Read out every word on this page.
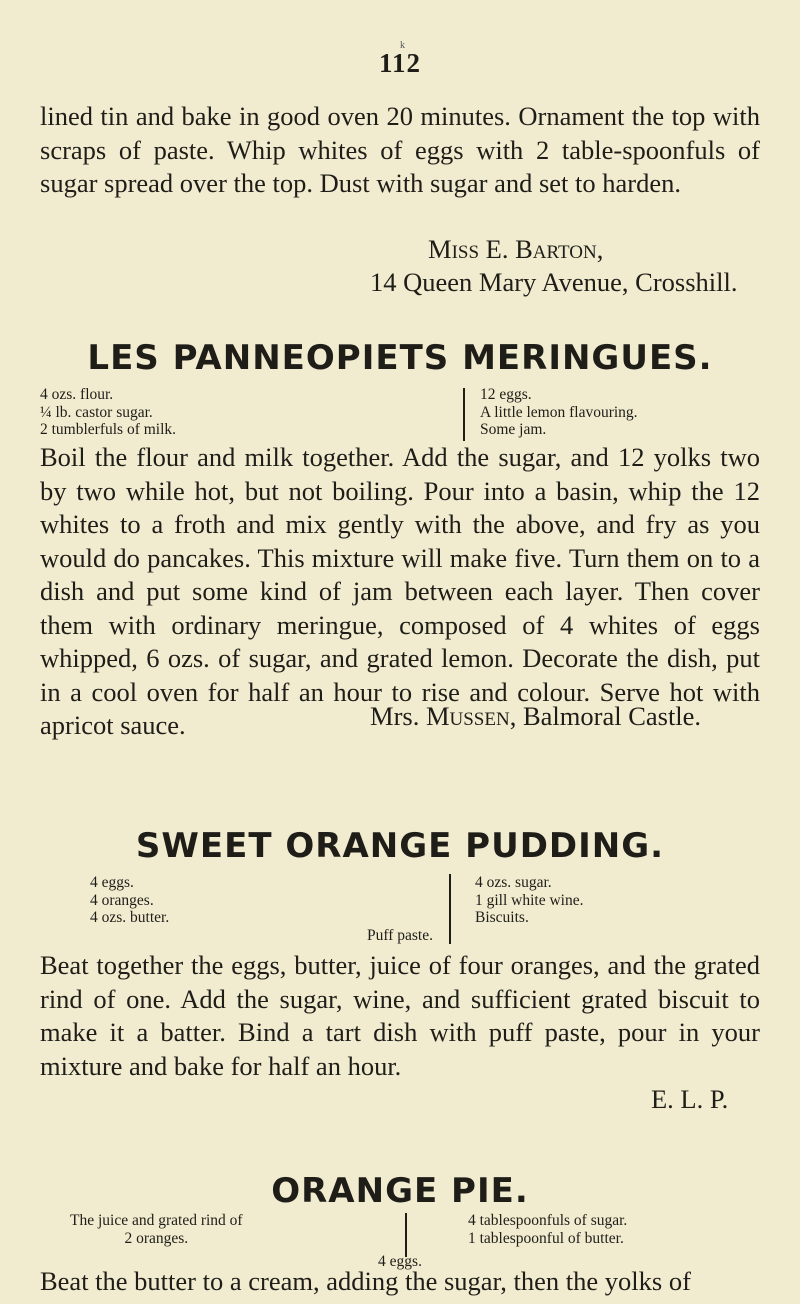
k
112
lined tin and bake in good oven 20 minutes. Ornament the top with scraps of paste. Whip whites of eggs with 2 table-spoonfuls of sugar spread over the top. Dust with sugar and set to harden.
Miss E. Barton,
14 Queen Mary Avenue, Crosshill.
LES PANNEOPIETS MERINGUES.
4 ozs. flour.
¼ lb. castor sugar.
2 tumblerfuls of milk.
12 eggs.
A little lemon flavouring.
Some jam.
Boil the flour and milk together. Add the sugar, and 12 yolks two by two while hot, but not boiling. Pour into a basin, whip the 12 whites to a froth and mix gently with the above, and fry as you would do pancakes. This mixture will make five. Turn them on to a dish and put some kind of jam between each layer. Then cover them with ordinary meringue, composed of 4 whites of eggs whipped, 6 ozs. of sugar, and grated lemon. Decorate the dish, put in a cool oven for half an hour to rise and colour. Serve hot with apricot sauce.	Mrs. Mussen, Balmoral Castle.
SWEET ORANGE PUDDING.
4 eggs.
4 oranges.
4 ozs. butter.
4 ozs. sugar.
1 gill white wine.
Biscuits.
Puff paste.
Beat together the eggs, butter, juice of four oranges, and the grated rind of one. Add the sugar, wine, and sufficient grated biscuit to make it a batter. Bind a tart dish with puff paste, pour in your mixture and bake for half an hour.
E. L. P.
ORANGE PIE.
The juice and grated rind of
2 oranges.
4 tablespoonfuls of sugar.
1 tablespoonful of butter.
4 eggs.
Beat the butter to a cream, adding the sugar, then the yolks of
